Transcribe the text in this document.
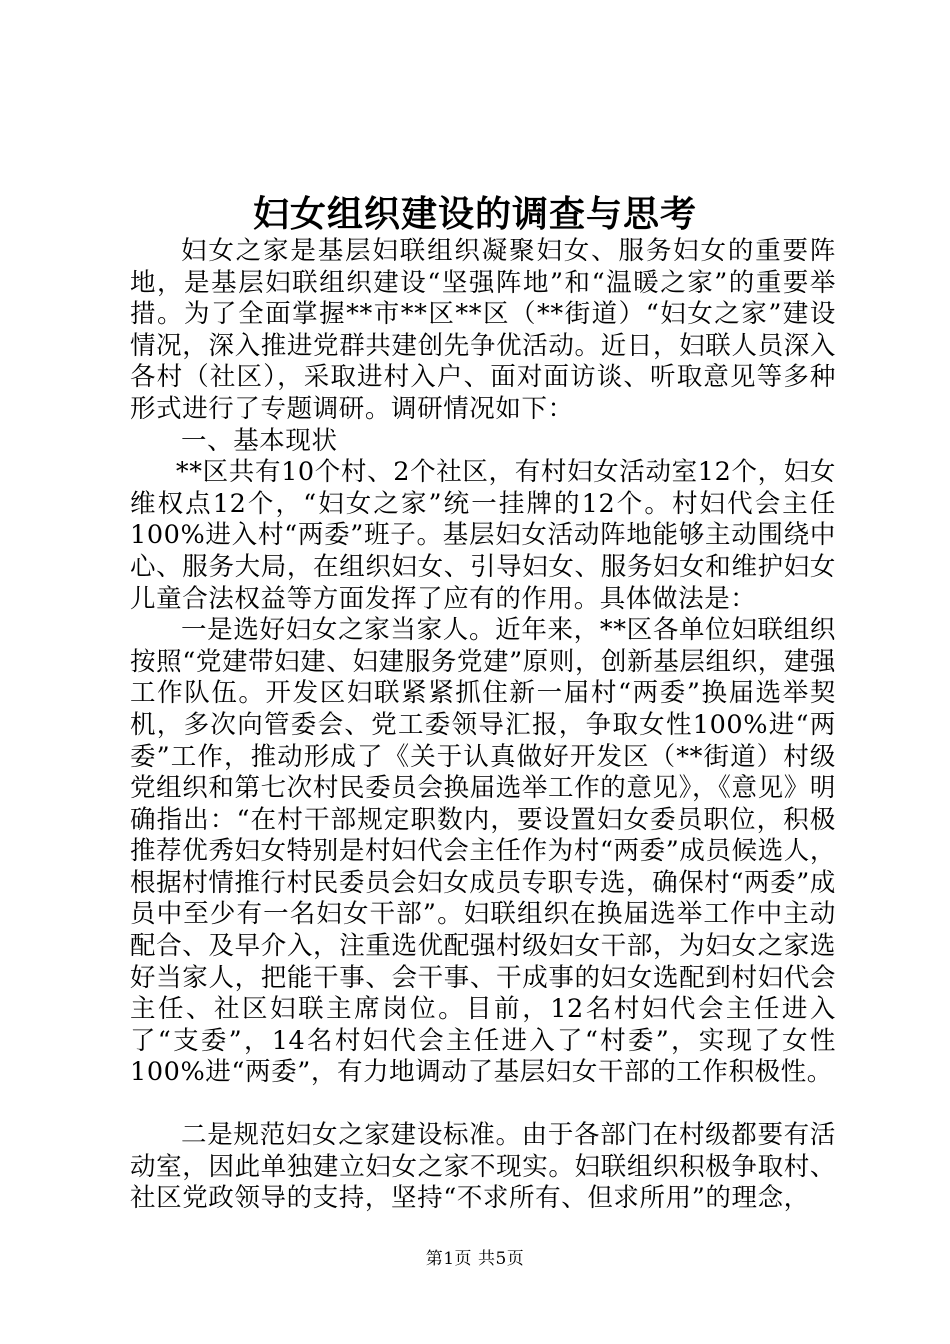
妇女组织建设的调查与思考

妇女之家是基层妇联组织凝聚妇女、服务妇女的重要阵地，是基层妇联组织建设“坚强阵地”和“温暖之家”的重要举措。为了全面掌握**市**区**区（**街道）“妇女之家”建设情况，深入推进党群共建创先争优活动。近日，妇联人员深入各村（社区），采取进村入户、面对面访谈、听取意见等多种形式进行了专题调研。调研情况如下：

一、基本现状

**区共有10个村、2个社区，有村妇女活动室12个，妇女维权点12个，“妇女之家”统一挂牌的12个。村妇代会主任100%进入村“两委”班子。基层妇女活动阵地能够主动围绕中心、服务大局，在组织妇女、引导妇女、服务妇女和维护妇女儿童合法权益等方面发挥了应有的作用。具体做法是：

一是选好妇女之家当家人。近年来，**区各单位妇联组织按照“党建带妇建、妇建服务党建”原则，创新基层组织，建强工作队伍。开发区妇联紧紧抓住新一届村“两委”换届选举契机，多次向管委会、党工委领导汇报，争取女性100%进“两委”工作，推动形成了《关于认真做好开发区（**街道）村级党组织和第七次村民委员会换届选举工作的意见》，《意见》明确指出：“在村干部规定职数内，要设置妇女委员职位，积极推荐优秀妇女特别是村妇代会主任作为村“两委”成员候选人，根据村情推行村民委员会妇女成员专职专选，确保村“两委”成员中至少有一名妇女干部”。妇联组织在换届选举工作中主动配合、及早介入，注重选优配强村级妇女干部，为妇女之家选好当家人，把能干事、会干事、干成事的妇女选配到村妇代会主任、社区妇联主席岗位。目前，12名村妇代会主任进入了“支委”，14名村妇代会主任进入了“村委”，实现了女性100%进“两委”，有力地调动了基层妇女干部的工作积极性。

二是规范妇女之家建设标准。由于各部门在村级都要有活动室，因此单独建立妇女之家不现实。妇联组织积极争取村、社区党政领导的支持，坚持“不求所有、但求所用”的理念，

第1页 共5页
